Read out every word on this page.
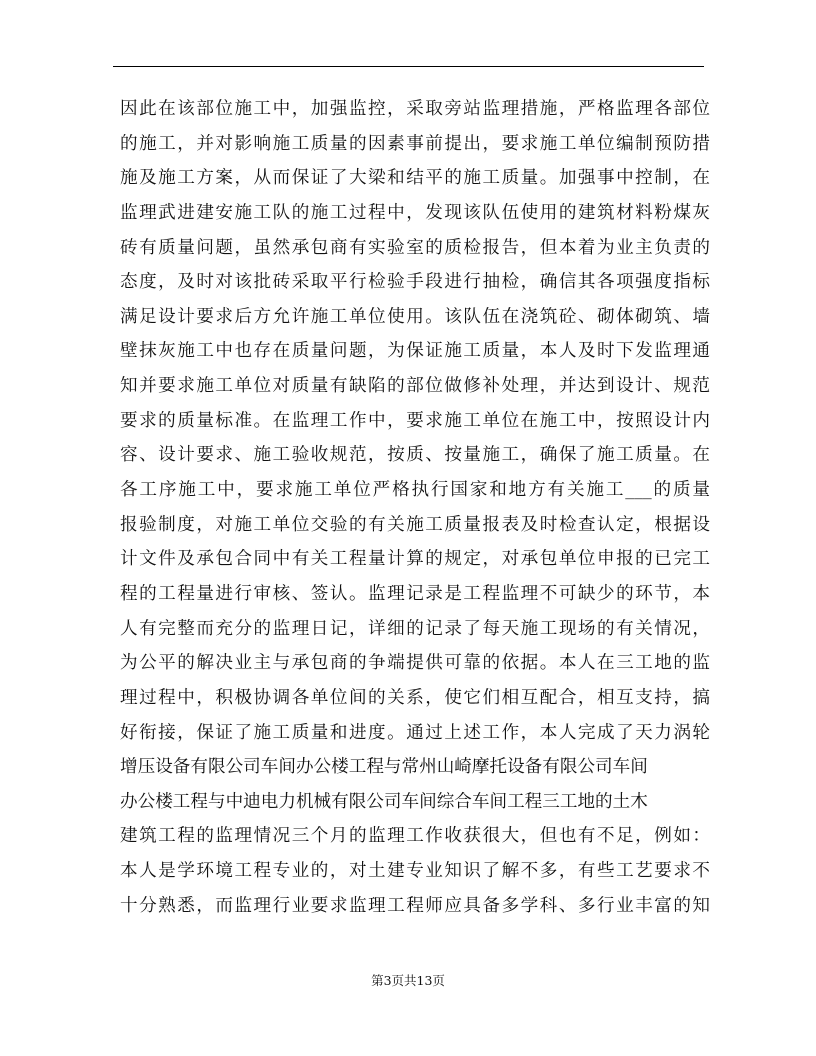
因此在该部位施工中，加强监控，采取旁站监理措施，严格监理各部位
的施工，并对影响施工质量的因素事前提出，要求施工单位编制预防措
施及施工方案，从而保证了大梁和结平的施工质量。加强事中控制，在
监理武进建安施工队的施工过程中，发现该队伍使用的建筑材料粉煤灰
砖有质量问题，虽然承包商有实验室的质检报告，但本着为业主负责的
态度，及时对该批砖采取平行检验手段进行抽检，确信其各项强度指标
满足设计要求后方允许施工单位使用。该队伍在浇筑砼、砌体砌筑、墙
壁抹灰施工中也存在质量问题，为保证施工质量，本人及时下发监理通
知并要求施工单位对质量有缺陷的部位做修补处理，并达到设计、规范
要求的质量标准。在监理工作中，要求施工单位在施工中，按照设计内
容、设计要求、施工验收规范，按质、按量施工，确保了施工质量。在
各工序施工中，要求施工单位严格执行国家和地方有关施工___的质量
报验制度，对施工单位交验的有关施工质量报表及时检查认定，根据设
计文件及承包合同中有关工程量计算的规定，对承包单位申报的已完工
程的工程量进行审核、签认。监理记录是工程监理不可缺少的环节，本
人有完整而充分的监理日记，详细的记录了每天施工现场的有关情况，
为公平的解决业主与承包商的争端提供可靠的依据。本人在三工地的监
理过程中，积极协调各单位间的关系，使它们相互配合，相互支持，搞
好衔接，保证了施工质量和进度。通过上述工作，本人完成了天力涡轮
增压设备有限公司车间办公楼工程与常州山崎摩托设备有限公司车间
办公楼工程与中迪电力机械有限公司车间综合车间工程三工地的土木
建筑工程的监理情况三个月的监理工作收获很大，但也有不足，例如：
本人是学环境工程专业的，对土建专业知识了解不多，有些工艺要求不
十分熟悉，而监理行业要求监理工程师应具备多学科、多行业丰富的知
第3页共13页
